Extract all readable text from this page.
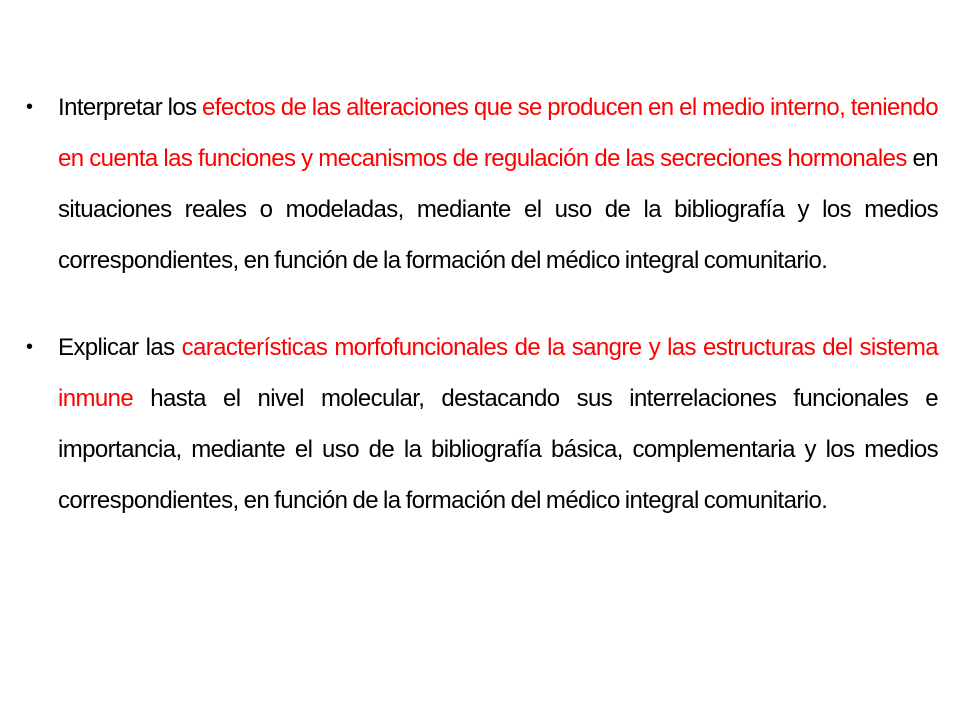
• Interpretar los efectos de las alteraciones que se producen en el medio interno, teniendo en cuenta las funciones y mecanismos de regulación de las secreciones hormonales en situaciones reales o modeladas, mediante el uso de la bibliografía y los medios correspondientes, en función de la formación del médico integral comunitario.
• Explicar las características morfofuncionales de la sangre y las estructuras del sistema inmune hasta el nivel molecular, destacando sus interrelaciones funcionales e importancia, mediante el uso de la bibliografía básica, complementaria y los medios correspondientes, en función de la formación del médico integral comunitario.
